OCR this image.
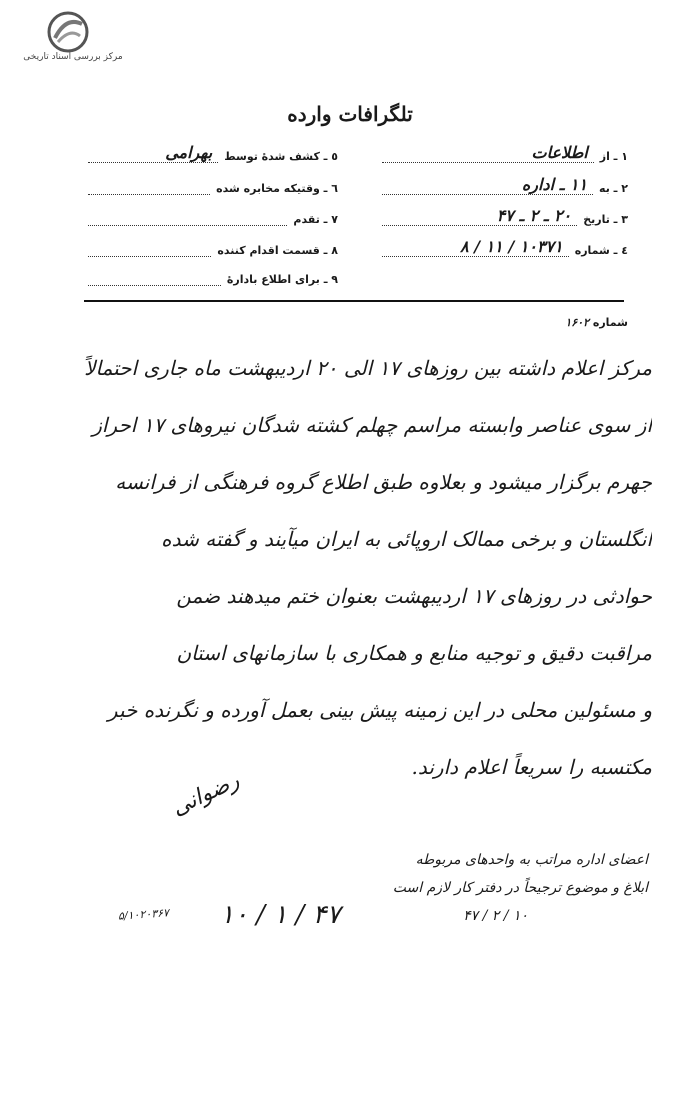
مرکز بررسی اسناد تاریخی
تلگرافات وارده
۱ ـ از
اطلاعات
۲ ـ به
۱۱ ـ اداره
۳ ـ تاریخ
۲۰ ـ ۲ ـ ۴۷
٤ ـ شماره
۱۰۳۷۱ / ۱۱ / ۸
٥ ـ کشف شدهٔ توسط
بهرامی
٦ ـ وقتیکه مخابره شده
۷ ـ تقدم
۸ ـ قسمت اقدام کننده
۹ ـ برای اطلاع بادارهٔ
شماره ۱۶۰۲
مرکز اعلام داشته بین روزهای ۱۷ الی ۲۰ اردیبهشت ماه جاری احتمالاً
از سوی عناصر وابسته مراسم چهلم کشته شدگان نیروهای ۱۷ احراز
جهرم برگزار میشود و بعلاوه طبق اطلاع گروه فرهنگی از فرانسه
انگلستان و برخی ممالک اروپائی به ایران میآیند و گفته شده
حوادثی در روزهای ۱۷ اردیبهشت بعنوان ختم میدهند ضمن
مراقبت دقیق و توجیه منابع و همکاری با سازمانهای استان
و مسئولین محلی در این زمینه پیش بینی بعمل آورده و نگرنده خبر
مکتسبه را سریعاً اعلام دارند.
رضوانی
اعضای اداره مراتب به واحدهای مربوطه
ابلاغ و موضوع ترجیحاً در دفتر کار لازم است
۱۰ / ۲ / ۴۷
۵/۱۰۲۰۳۶۷ ۱۰ / ۱ / ۴۷
